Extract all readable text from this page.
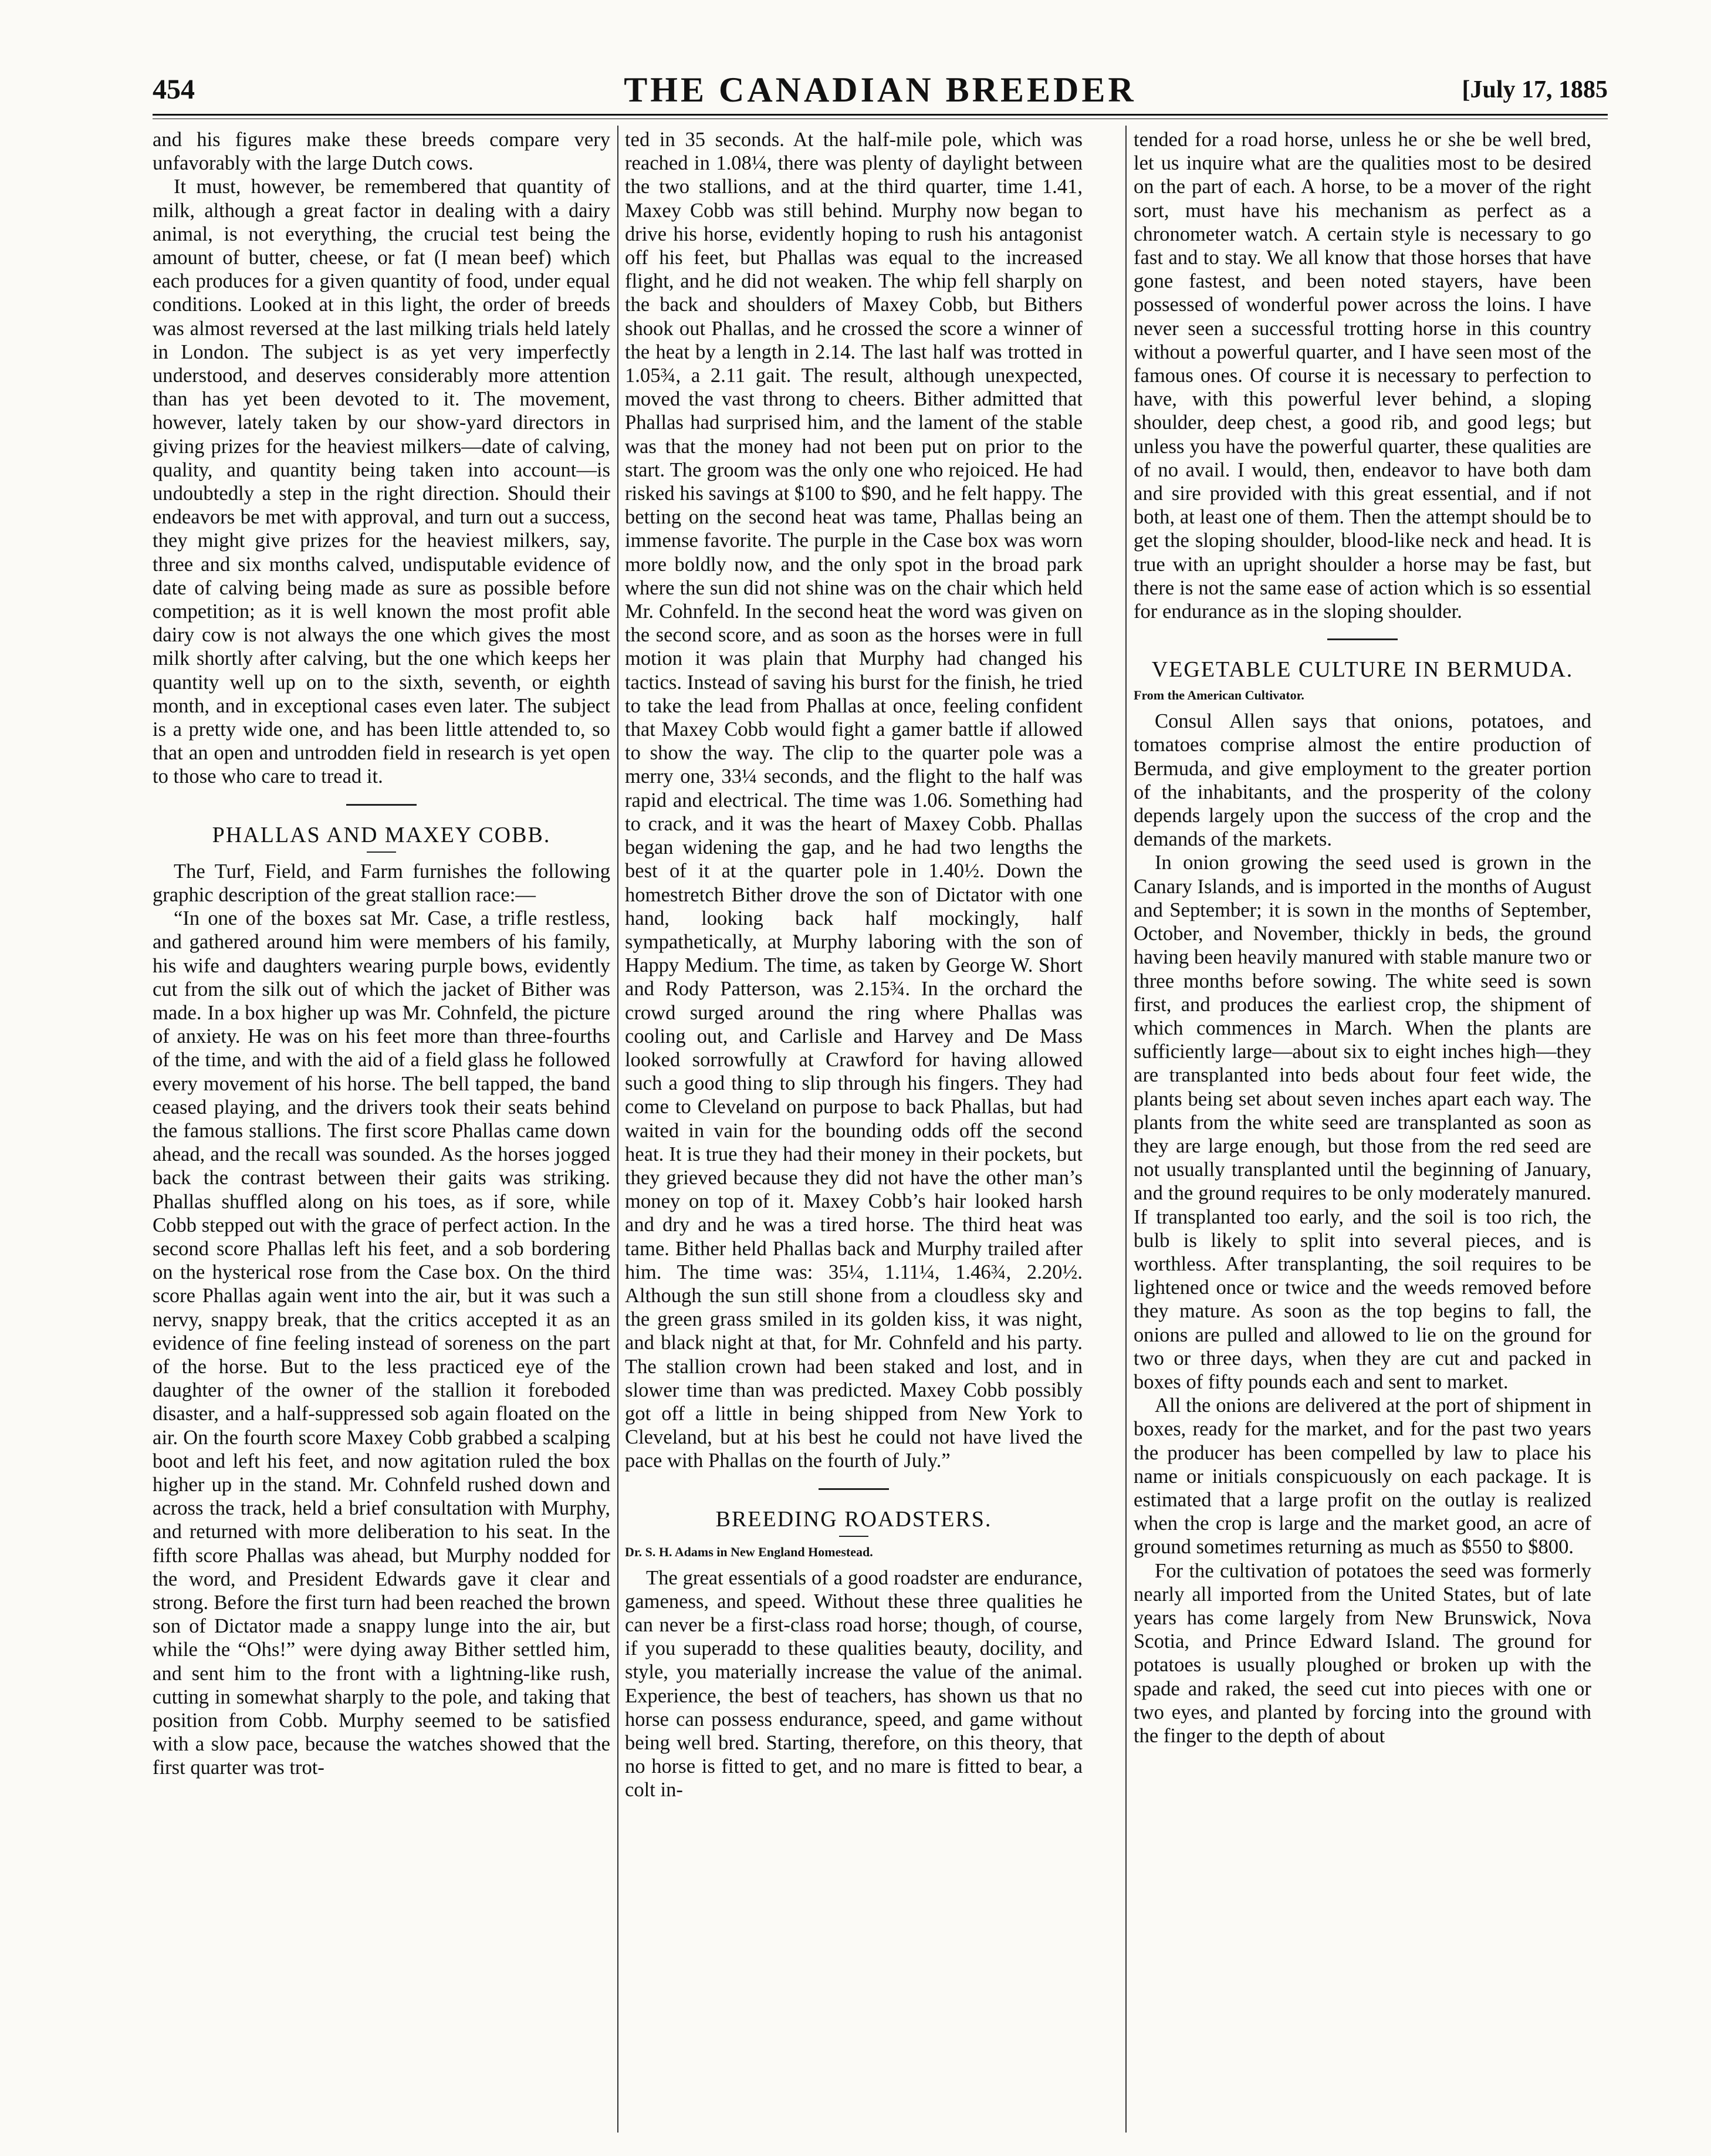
454	THE CANADIAN BREEDER	[July 17, 1885

and his figures make these breeds compare very unfavorably with the large Dutch cows.

It must, however, be remembered that quantity of milk, although a great factor in dealing with a dairy animal, is not everything, the crucial test being the amount of butter, cheese, or fat (I mean beef) which each produces for a given quantity of food, under equal conditions. Looked at in this light, the order of breeds was almost reversed at the last milking trials held lately in London. The subject is as yet very imperfectly understood, and deserves considerably more attention than has yet been devoted to it. The movement, however, lately taken by our show-yard directors in giving prizes for the heaviest milkers—date of calving, quality, and quantity being taken into account—is undoubtedly a step in the right direction. Should their endeavors be met with approval, and turn out a success, they might give prizes for the heaviest milkers, say, three and six months calved, undisputable evidence of date of calving being made as sure as possible before competition; as it is well known the most profit able dairy cow is not always the one which gives the most milk shortly after calving, but the one which keeps her quantity well up on to the sixth, seventh, or eighth month, and in exceptional cases even later. The subject is a pretty wide one, and has been little attended to, so that an open and untrodden field in research is yet open to those who care to tread it.

PHALLAS AND MAXEY COBB.

The Turf, Field, and Farm furnishes the following graphic description of the great stallion race:—

“In one of the boxes sat Mr. Case, a trifle restless, and gathered around him were members of his family, his wife and daughters wearing purple bows, evidently cut from the silk out of which the jacket of Bither was made. In a box higher up was Mr. Cohnfeld, the picture of anxiety. He was on his feet more than three-fourths of the time, and with the aid of a field glass he followed every movement of his horse. The bell tapped, the band ceased playing, and the drivers took their seats behind the famous stallions. The first score Phallas came down ahead, and the recall was sounded. As the horses jogged back the contrast between their gaits was striking. Phallas shuffled along on his toes, as if sore, while Cobb stepped out with the grace of perfect action. In the second score Phallas left his feet, and a sob bordering on the hysterical rose from the Case box. On the third score Phallas again went into the air, but it was such a nervy, snappy break, that the critics accepted it as an evidence of fine feeling instead of soreness on the part of the horse. But to the less practiced eye of the daughter of the owner of the stallion it foreboded disaster, and a half-suppressed sob again floated on the air. On the fourth score Maxey Cobb grabbed a scalping boot and left his feet, and now agitation ruled the box higher up in the stand. Mr. Cohnfeld rushed down and across the track, held a brief consultation with Murphy, and returned with more deliberation to his seat. In the fifth score Phallas was ahead, but Murphy nodded for the word, and President Edwards gave it clear and strong. Before the first turn had been reached the brown son of Dictator made a snappy lunge into the air, but while the “Ohs!” were dying away Bither settled him, and sent him to the front with a lightning-like rush, cutting in somewhat sharply to the pole, and taking that position from Cobb. Murphy seemed to be satisfied with a slow pace, because the watches showed that the first quarter was trot-

ted in 35 seconds. At the half-mile pole, which was reached in 1.08¼, there was plenty of daylight between the two stallions, and at the third quarter, time 1.41, Maxey Cobb was still behind. Murphy now began to drive his horse, evidently hoping to rush his antagonist off his feet, but Phallas was equal to the increased flight, and he did not weaken. The whip fell sharply on the back and shoulders of Maxey Cobb, but Bithers shook out Phallas, and he crossed the score a winner of the heat by a length in 2.14. The last half was trotted in 1.05¾, a 2.11 gait. The result, although unexpected, moved the vast throng to cheers. Bither admitted that Phallas had surprised him, and the lament of the stable was that the money had not been put on prior to the start. The groom was the only one who rejoiced. He had risked his savings at $100 to $90, and he felt happy. The betting on the second heat was tame, Phallas being an immense favorite. The purple in the Case box was worn more boldly now, and the only spot in the broad park where the sun did not shine was on the chair which held Mr. Cohnfeld. In the second heat the word was given on the second score, and as soon as the horses were in full motion it was plain that Murphy had changed his tactics. Instead of saving his burst for the finish, he tried to take the lead from Phallas at once, feeling confident that Maxey Cobb would fight a gamer battle if allowed to show the way. The clip to the quarter pole was a merry one, 33¼ seconds, and the flight to the half was rapid and electrical. The time was 1.06. Something had to crack, and it was the heart of Maxey Cobb. Phallas began widening the gap, and he had two lengths the best of it at the quarter pole in 1.40½. Down the homestretch Bither drove the son of Dictator with one hand, looking back half mockingly, half sympathetically, at Murphy laboring with the son of Happy Medium. The time, as taken by George W. Short and Rody Patterson, was 2.15¾. In the orchard the crowd surged around the ring where Phallas was cooling out, and Carlisle and Harvey and De Mass looked sorrowfully at Crawford for having allowed such a good thing to slip through his fingers. They had come to Cleveland on purpose to back Phallas, but had waited in vain for the bounding odds off the second heat. It is true they had their money in their pockets, but they grieved because they did not have the other man’s money on top of it. Maxey Cobb’s hair looked harsh and dry and he was a tired horse. The third heat was tame. Bither held Phallas back and Murphy trailed after him. The time was: 35¼, 1.11¼, 1.46¾, 2.20½. Although the sun still shone from a cloudless sky and the green grass smiled in its golden kiss, it was night, and black night at that, for Mr. Cohnfeld and his party. The stallion crown had been staked and lost, and in slower time than was predicted. Maxey Cobb possibly got off a little in being shipped from New York to Cleveland, but at his best he could not have lived the pace with Phallas on the fourth of July.”

BREEDING ROADSTERS.
Dr. S. H. Adams in New England Homestead.

The great essentials of a good roadster are endurance, gameness, and speed. Without these three qualities he can never be a first-class road horse; though, of course, if you superadd to these qualities beauty, docility, and style, you materially increase the value of the animal. Experience, the best of teachers, has shown us that no horse can possess endurance, speed, and game without being well bred. Starting, therefore, on this theory, that no horse is fitted to get, and no mare is fitted to bear, a colt in-

tended for a road horse, unless he or she be well bred, let us inquire what are the qualities most to be desired on the part of each. A horse, to be a mover of the right sort, must have his mechanism as perfect as a chronometer watch. A certain style is necessary to go fast and to stay. We all know that those horses that have gone fastest, and been noted stayers, have been possessed of wonderful power across the loins. I have never seen a successful trotting horse in this country without a powerful quarter, and I have seen most of the famous ones. Of course it is necessary to perfection to have, with this powerful lever behind, a sloping shoulder, deep chest, a good rib, and good legs; but unless you have the powerful quarter, these qualities are of no avail. I would, then, endeavor to have both dam and sire provided with this great essential, and if not both, at least one of them. Then the attempt should be to get the sloping shoulder, blood-like neck and head. It is true with an upright shoulder a horse may be fast, but there is not the same ease of action which is so essential for endurance as in the sloping shoulder.

VEGETABLE CULTURE IN BERMUDA.
From the American Cultivator.

Consul Allen says that onions, potatoes, and tomatoes comprise almost the entire production of Bermuda, and give employment to the greater portion of the inhabitants, and the prosperity of the colony depends largely upon the success of the crop and the demands of the markets.

In onion growing the seed used is grown in the Canary Islands, and is imported in the months of August and September; it is sown in the months of September, October, and November, thickly in beds, the ground having been heavily manured with stable manure two or three months before sowing. The white seed is sown first, and produces the earliest crop, the shipment of which commences in March. When the plants are sufficiently large—about six to eight inches high—they are transplanted into beds about four feet wide, the plants being set about seven inches apart each way. The plants from the white seed are transplanted as soon as they are large enough, but those from the red seed are not usually transplanted until the beginning of January, and the ground requires to be only moderately manured. If transplanted too early, and the soil is too rich, the bulb is likely to split into several pieces, and is worthless. After transplanting, the soil requires to be lightened once or twice and the weeds removed before they mature. As soon as the top begins to fall, the onions are pulled and allowed to lie on the ground for two or three days, when they are cut and packed in boxes of fifty pounds each and sent to market.

All the onions are delivered at the port of shipment in boxes, ready for the market, and for the past two years the producer has been compelled by law to place his name or initials conspicuously on each package. It is estimated that a large profit on the outlay is realized when the crop is large and the market good, an acre of ground sometimes returning as much as $550 to $800.

For the cultivation of potatoes the seed was formerly nearly all imported from the United States, but of late years has come largely from New Brunswick, Nova Scotia, and Prince Edward Island. The ground for potatoes is usually ploughed or broken up with the spade and raked, the seed cut into pieces with one or two eyes, and planted by forcing into the ground with the finger to the depth of about
